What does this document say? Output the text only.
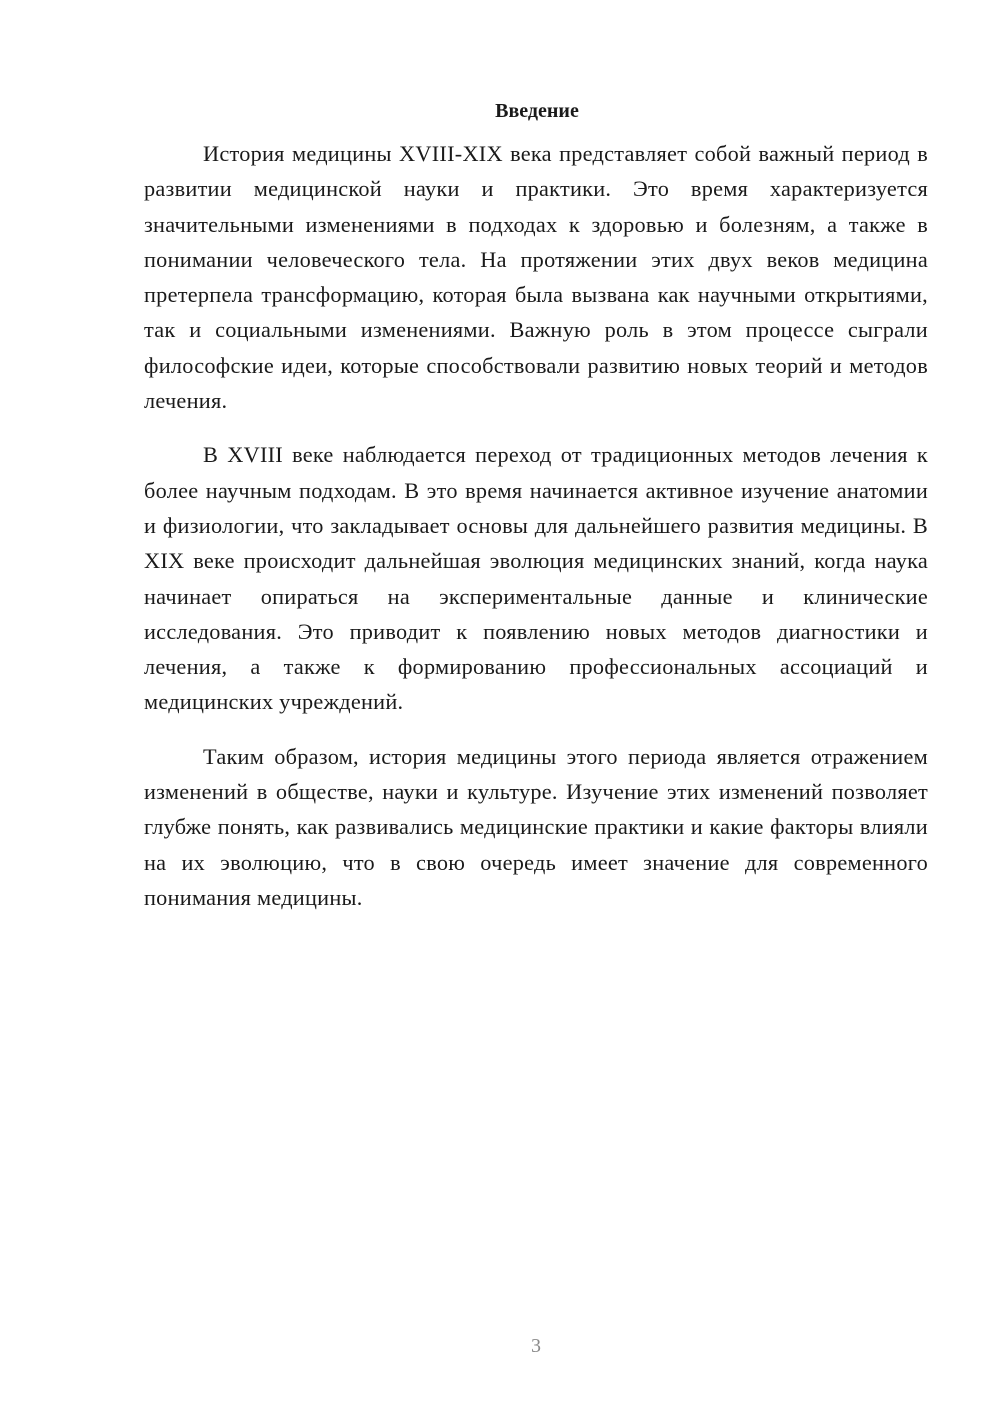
Введение

История медицины XVIII-XIX века представляет собой важный период в развитии медицинской науки и практики. Это время характеризуется значительными изменениями в подходах к здоровью и болезням, а также в понимании человеческого тела. На протяжении этих двух веков медицина претерпела трансформацию, которая была вызвана как научными открытиями, так и социальными изменениями. Важную роль в этом процессе сыграли философские идеи, которые способствовали развитию новых теорий и методов лечения.

В XVIII веке наблюдается переход от традиционных методов лечения к более научным подходам. В это время начинается активное изучение анатомии и физиологии, что закладывает основы для дальнейшего развития медицины. В XIX веке происходит дальнейшая эволюция медицинских знаний, когда наука начинает опираться на экспериментальные данные и клинические исследования. Это приводит к появлению новых методов диагностики и лечения, а также к формированию профессиональных ассоциаций и медицинских учреждений.

Таким образом, история медицины этого периода является отражением изменений в обществе, науки и культуре. Изучение этих изменений позволяет глубже понять, как развивались медицинские практики и какие факторы влияли на их эволюцию, что в свою очередь имеет значение для современного понимания медицины.

3
